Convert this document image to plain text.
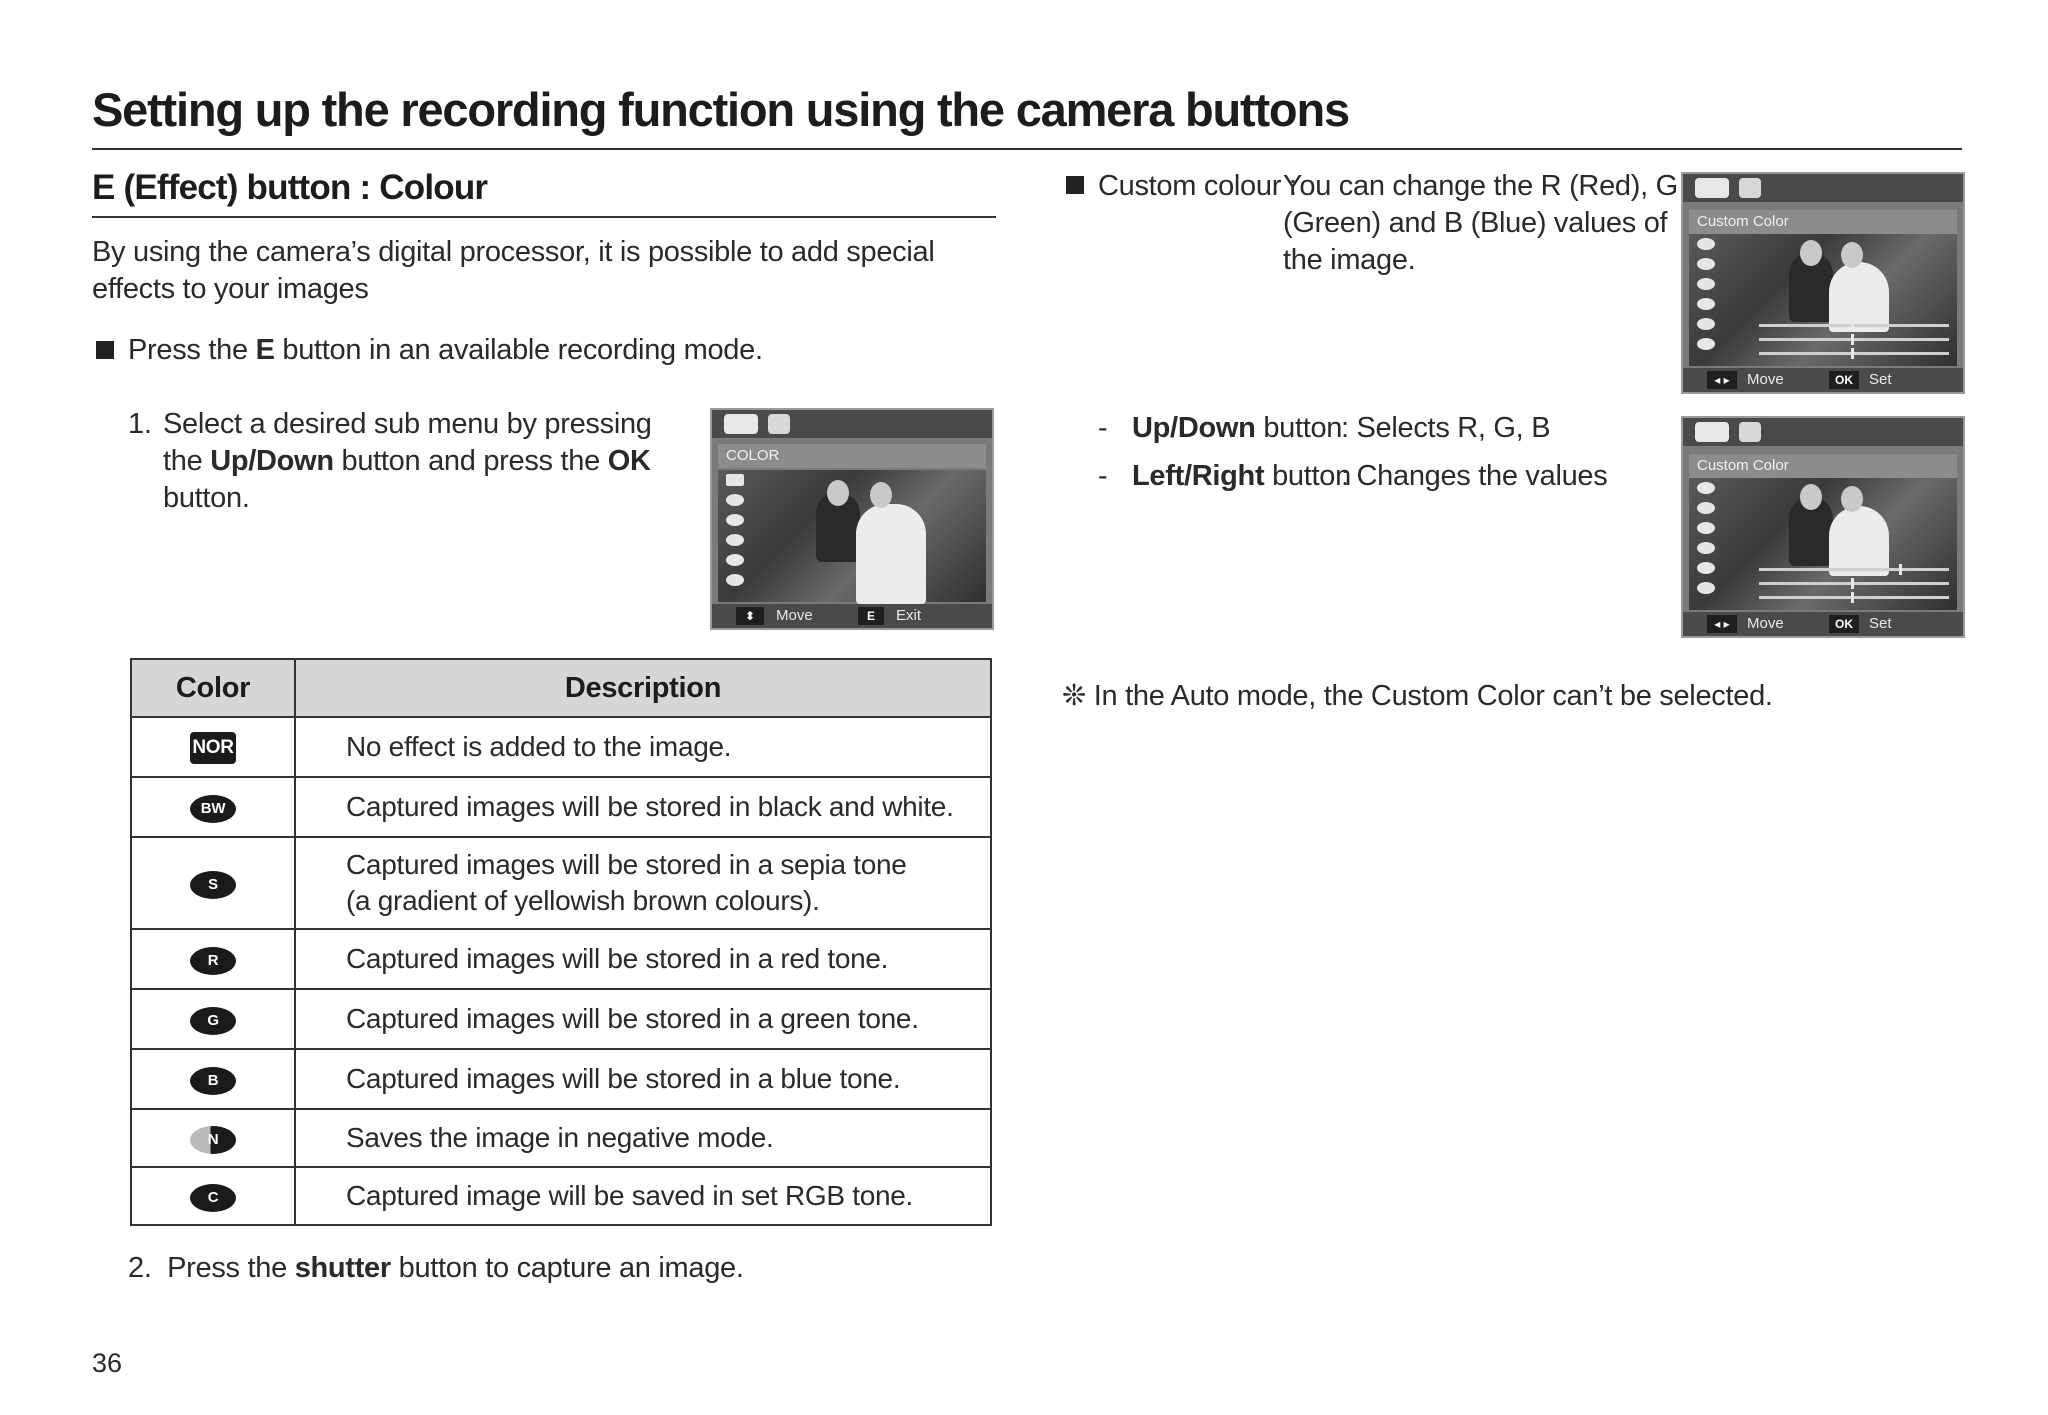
Setting up the recording function using the camera buttons
E (Effect) button : Colour
By using the camera’s digital processor, it is possible to add special effects to your images
Press the E button in an available recording mode.
1. Select a desired sub menu by pressing the Up/Down button and press the OK button.
COLOR
⬍	Move	E	Exit
Color	Description
NOR	No effect is added to the image.
BW	Captured images will be stored in black and white.
S	Captured images will be stored in a sepia tone
(a gradient of yellowish brown colours).

R	Captured images will be stored in a red tone.
G	Captured images will be stored in a green tone.
B	Captured images will be stored in a blue tone.
N	Saves the image in negative mode.
C	Captured image will be saved in set RGB tone.
2. Press the shutter button to capture an image.
36
Custom colour :
You can change the R (Red), G (Green) and B (Blue) values of the image.
Custom Color
◂ ▸	Move	OK	Set
- Up/Down button
: Selects R, G, B
- Left/Right button
: Changes the values	Custom Color
◂ ▸	Move	OK	Set
❊ In the Auto mode, the Custom Color can’t be selected.
